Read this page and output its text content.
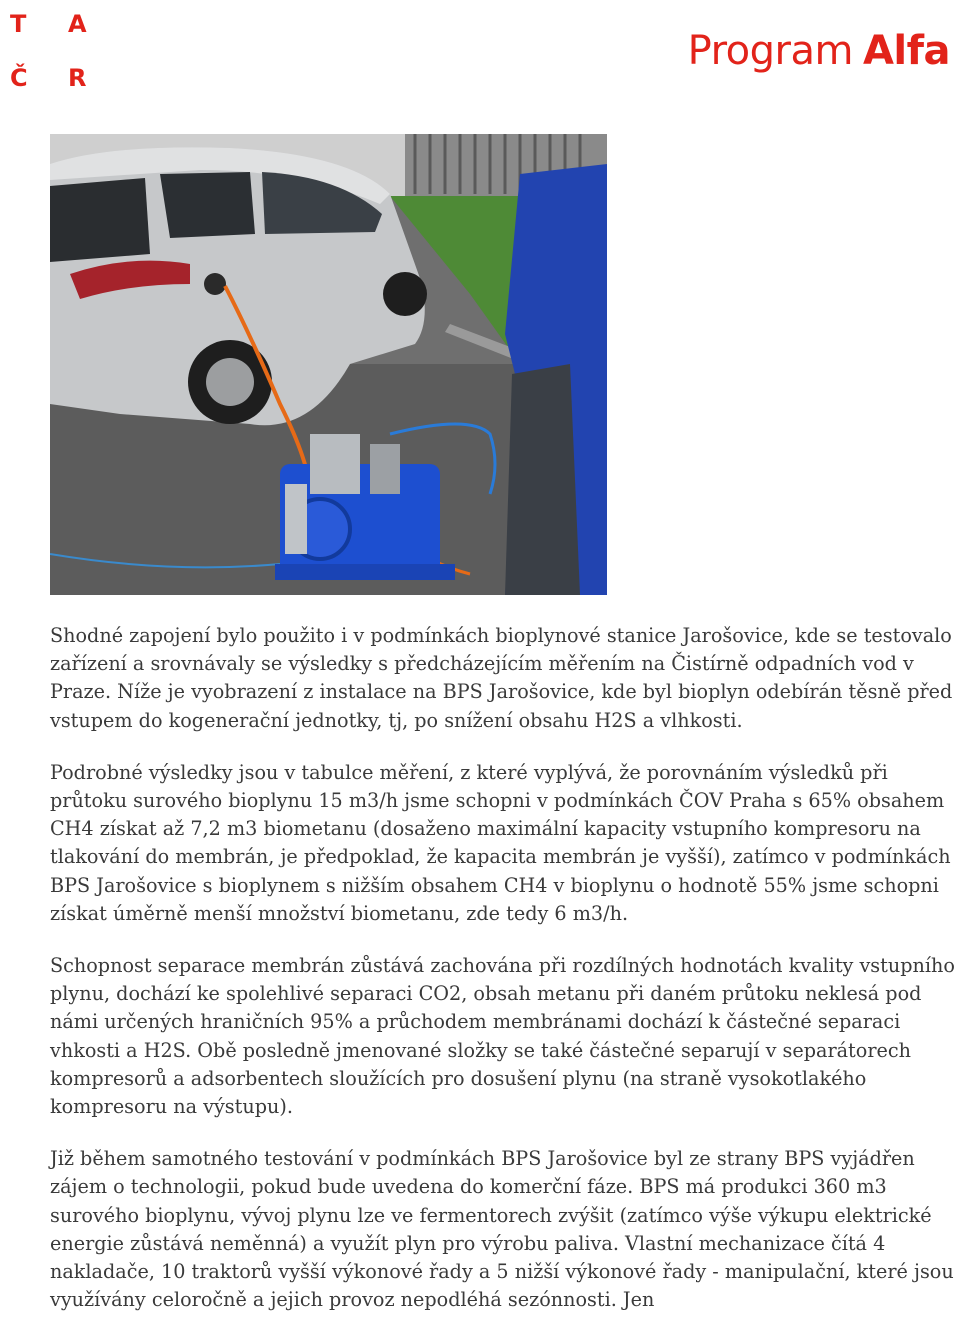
T A
Č R
Program Alfa

Shodné zapojení bylo použito i v podmínkách bioplynové stanice Jarošovice, kde se testovalo zařízení a srovnávaly se výsledky s předcházejícím měřením na Čistírně odpadních vod v Praze. Níže je vyobrazení z instalace na BPS Jarošovice, kde byl bioplyn odebírán těsně před vstupem do kogenerační jednotky, tj, po snížení obsahu H2S a vlhkosti.

Podrobné výsledky jsou v tabulce měření, z které vyplývá, že porovnáním výsledků při průtoku surového bioplynu 15 m3/h jsme schopni v podmínkách ČOV Praha s 65% obsahem CH4 získat až 7,2 m3 biometanu (dosaženo maximální kapacity vstupního kompresoru na tlakování do membrán, je předpoklad, že kapacita membrán je vyšší), zatímco v podmínkách BPS Jarošovice s bioplynem s nižším obsahem CH4 v bioplynu o hodnotě 55% jsme schopni získat úměrně menší množství biometanu, zde tedy 6 m3/h.

Schopnost separace membrán zůstává zachována při rozdílných hodnotách kvality vstupního plynu, dochází ke spolehlivé separaci CO2, obsah metanu při daném průtoku neklesá pod námi určených hraničních 95% a průchodem membránami dochází k částečné separaci vhkosti a H2S. Obě posledně jmenované složky se také částečné separují v separátorech kompresorů a adsorbentech sloužících pro dosušení plynu (na straně vysokotlakého kompresoru na výstupu).

Již během samotného testování v podmínkách BPS Jarošovice byl ze strany BPS vyjádřen zájem o technologii, pokud bude uvedena do komerční fáze. BPS má produkci 360 m3 surového bioplynu, vývoj plynu lze ve fermentorech zvýšit (zatímco výše výkupu elektrické energie zůstává neměnná) a využít plyn pro výrobu paliva. Vlastní mechanizace čítá 4 nakladače, 10 traktorů vyšší výkonové řady a 5 nižší výkonové řady - manipulační, které jsou využívány celoročně a jejich provoz nepodléhá sezónnosti. Jen
